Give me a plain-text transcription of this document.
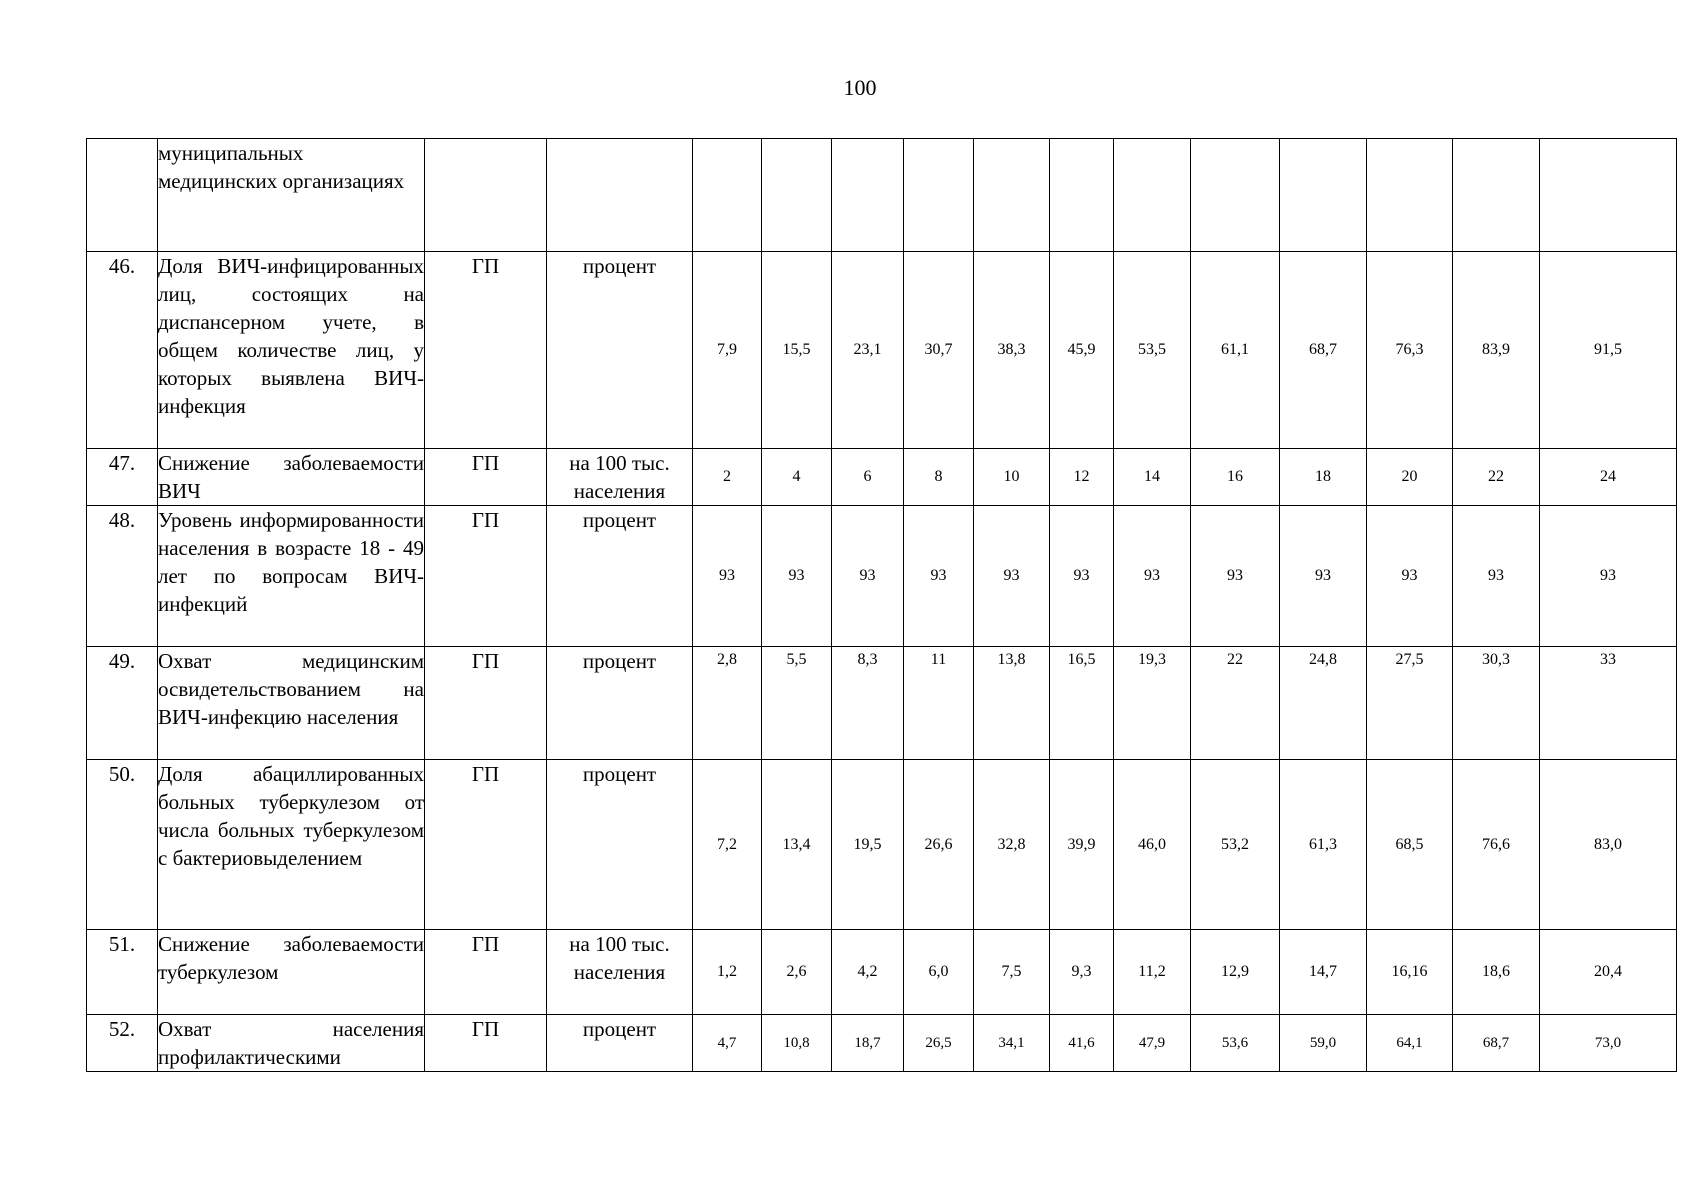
100
	муниципальных медицинских организациях														
46.	Доля ВИЧ-инфицированных лиц, состоящих на диспансерном учете, в общем количестве лиц, у которых выявлена ВИЧ-инфекция	ГП	процент	7,9	15,5	23,1	30,7	38,3	45,9	53,5	61,1	68,7	76,3	83,9	91,5
47.	Снижение заболеваемости ВИЧ	ГП	на 100 тыс. населения	2	4	6	8	10	12	14	16	18	20	22	24
48.	Уровень информированности населения в возрасте 18 - 49 лет по вопросам ВИЧ-инфекций	ГП	процент	93	93	93	93	93	93	93	93	93	93	93	93
49.	Охват медицинским освидетельствованием на ВИЧ-инфекцию населения	ГП	процент	2,8	5,5	8,3	11	13,8	16,5	19,3	22	24,8	27,5	30,3	33
50.	Доля абациллированных больных туберкулезом от числа больных туберкулезом с бактериовыделением	ГП	процент	7,2	13,4	19,5	26,6	32,8	39,9	46,0	53,2	61,3	68,5	76,6	83,0
51.	Снижение заболеваемости туберкулезом	ГП	на 100 тыс. населения	1,2	2,6	4,2	6,0	7,5	9,3	11,2	12,9	14,7	16,16	18,6	20,4
52.	Охват населения профилактическими	ГП	процент	4,7	10,8	18,7	26,5	34,1	41,6	47,9	53,6	59,0	64,1	68,7	73,0
